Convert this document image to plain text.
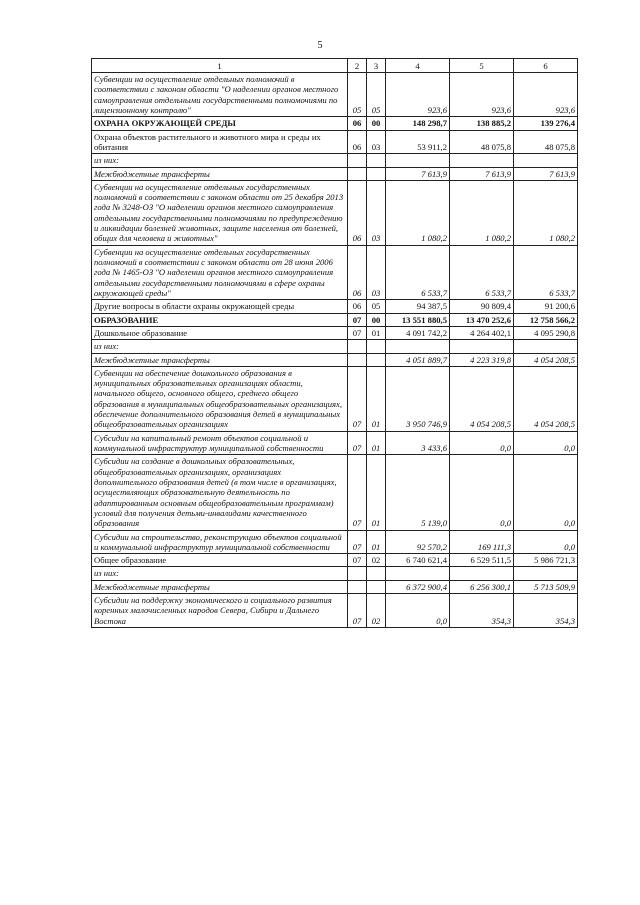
5
1	2	3	4	5	6
Субвенции на осуществление отдельных полномочий в соответствии с законом области "О наделении органов местного самоуправления отдельными государственными полномочиями по лицензионному контролю"	05	05	923,6	923,6	923,6
ОХРАНА ОКРУЖАЮЩЕЙ СРЕДЫ	06	00	148 298,7	138 885,2	139 276,4
Охрана объектов растительного и животного мира и среды их обитания	06	03	53 911,2	48 075,8	48 075,8
из них:					
Межбюджетные трансферты			7 613,9	7 613,9	7 613,9
Субвенции на осуществление отдельных государственных полномочий в соответствии с законом области от 25 декабря 2013 года № 3248-ОЗ "О наделении органов местного самоуправления отдельными государственными полномочиями по предупреждению и ликвидации болезней животных, защите населения от болезней, общих для человека и животных"	06	03	1 080,2	1 080,2	1 080,2
Субвенции на осуществление отдельных государственных полномочий в соответствии с законом области от 28 июня 2006 года № 1465-ОЗ "О наделении органов местного самоуправления отдельными государственными полномочиями в сфере охраны окружающей среды"	06	03	6 533,7	6 533,7	6 533,7
Другие вопросы в области охраны окружающей среды	06	05	94 387,5	90 809,4	91 200,6
ОБРАЗОВАНИЕ	07	00	13 551 880,5	13 470 252,6	12 758 566,2
Дошкольное образование	07	01	4 091 742,2	4 264 402,1	4 095 290,8
из них:					
Межбюджетные трансферты			4 051 889,7	4 223 319,8	4 054 208,5
Субвенции на обеспечение дошкольного образования в муниципальных образовательных организациях области, начального общего, основного общего, среднего общего образования в муниципальных общеобразовательных организациях, обеспечение дополнительного образования детей в муниципальных общеобразовательных организациях	07	01	3 950 746,9	4 054 208,5	4 054 208,5
Субсидии на капитальный ремонт объектов социальной и коммунальной инфраструктур муниципальной собственности	07	01	3 433,6	0,0	0,0
Субсидии на создание в дошкольных образовательных, общеобразовательных организациях, организациях дополнительного образования детей (в том числе в организациях, осуществляющих образовательную деятельность по адаптированным основным общеобразовательным программам) условий для получения детьми-инвалидами качественного образования	07	01	5 139,0	0,0	0,0
Субсидии на строительство, реконструкцию объектов социальной и коммунальной инфраструктур муниципальной собственности	07	01	92 570,2	169 111,3	0,0
Общее образование	07	02	6 740 621,4	6 529 511,5	5 986 721,3
из них:					
Межбюджетные трансферты			6 372 900,4	6 256 300,1	5 713 509,9
Субсидии на поддержку экономического и социального развития коренных малочисленных народов Севера, Сибири и Дальнего Востока	07	02	0,0	354,3	354,3
